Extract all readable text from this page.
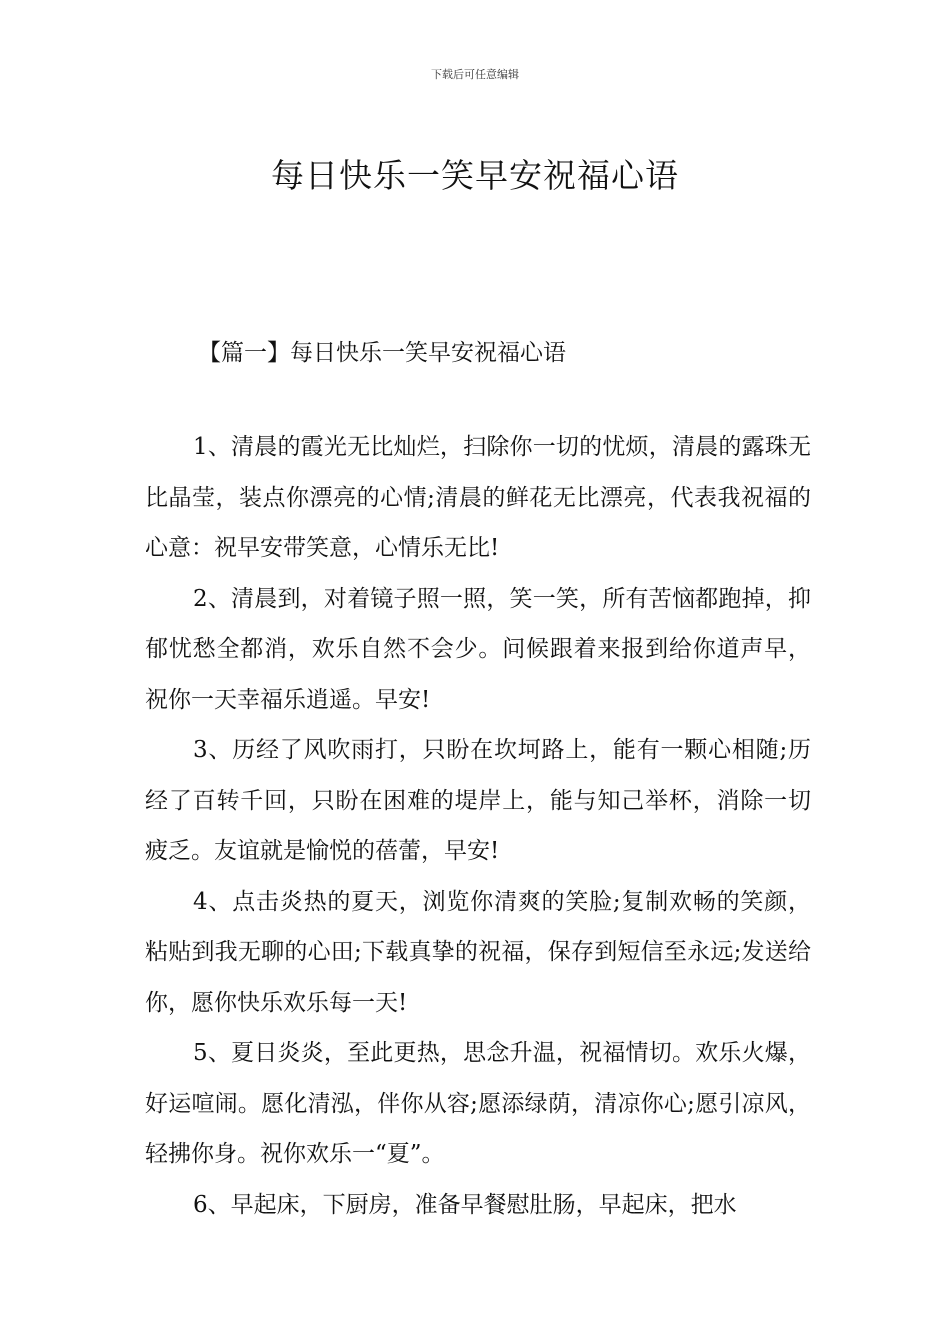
下载后可任意编辑
每日快乐一笑早安祝福心语
【篇一】每日快乐一笑早安祝福心语

1、清晨的霞光无比灿烂，扫除你一切的忧烦，清晨的露珠无比晶莹，装点你漂亮的心情;清晨的鲜花无比漂亮，代表我祝福的心意：祝早安带笑意，心情乐无比!

2、清晨到，对着镜子照一照，笑一笑，所有苦恼都跑掉，抑郁忧愁全都消，欢乐自然不会少。问候跟着来报到给你道声早，祝你一天幸福乐逍遥。早安!

3、历经了风吹雨打，只盼在坎坷路上，能有一颗心相随;历经了百转千回，只盼在困难的堤岸上，能与知己举杯，消除一切疲乏。友谊就是愉悦的蓓蕾，早安!

4、点击炎热的夏天，浏览你清爽的笑脸;复制欢畅的笑颜，粘贴到我无聊的心田;下载真挚的祝福，保存到短信至永远;发送给你，愿你快乐欢乐每一天!

5、夏日炎炎，至此更热，思念升温，祝福情切。欢乐火爆，好运喧闹。愿化清泓，伴你从容;愿添绿荫，清凉你心;愿引凉风，轻拂你身。祝你欢乐一“夏”。

6、早起床，下厨房，准备早餐慰肚肠，早起床，把水
